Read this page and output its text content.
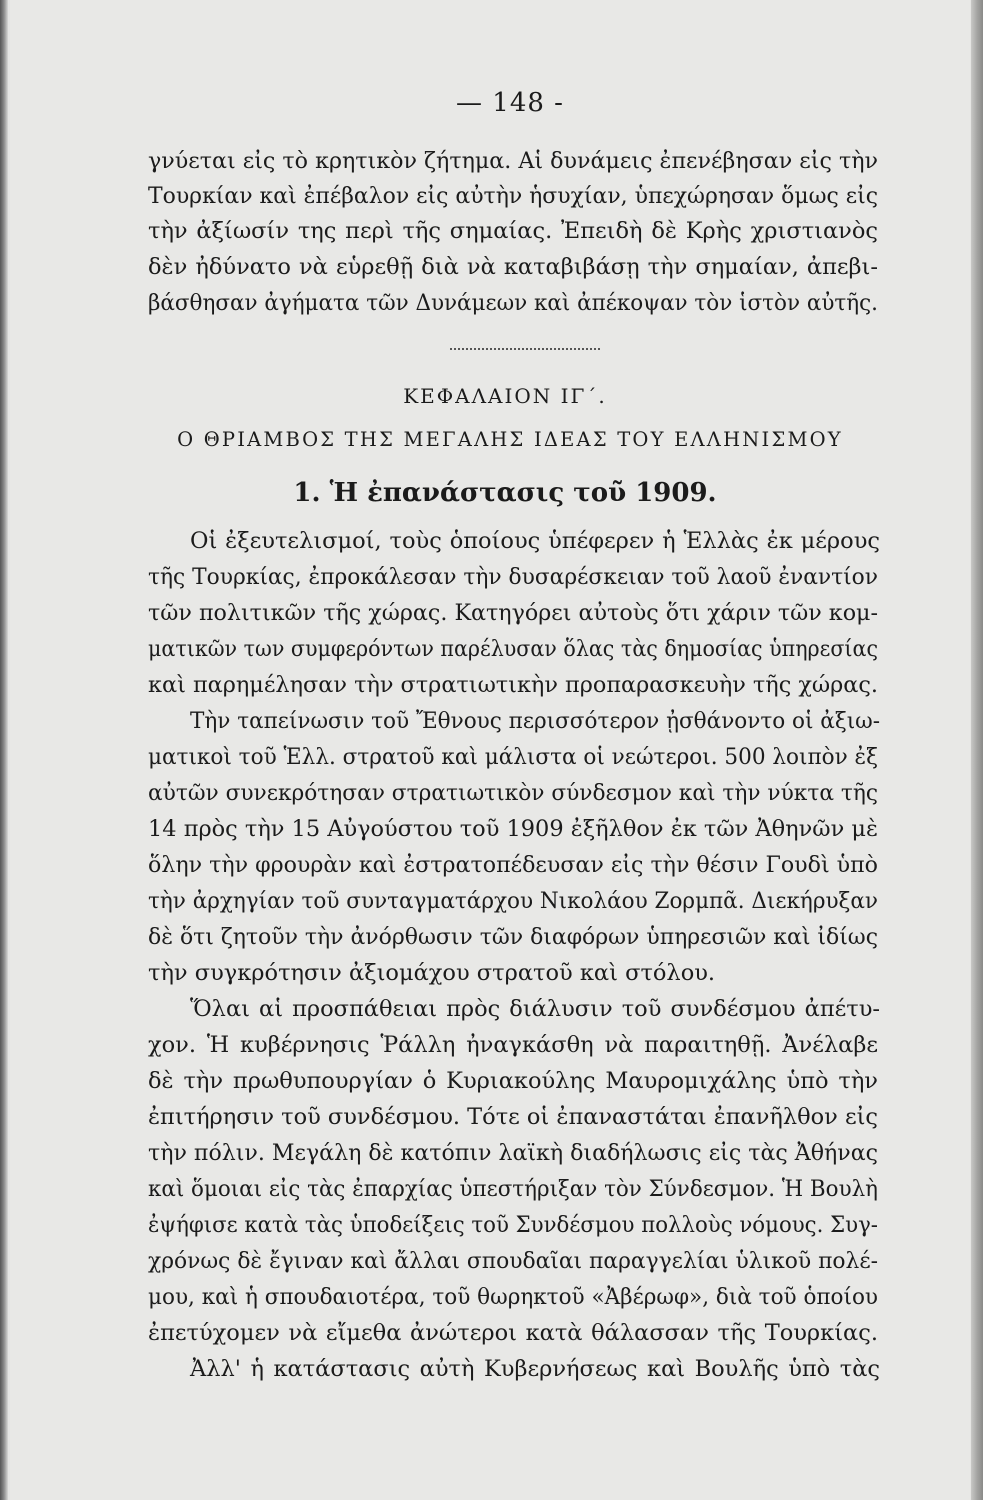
— 148 -
γνύεται εἰς τὸ κρητικὸν ζήτημα. Αἱ δυνάμεις ἐπενέβησαν εἰς τὴν
Τουρκίαν καὶ ἐπέβαλον εἰς αὐτὴν ἡσυχίαν, ὑπεχώρησαν ὅμως εἰς
τὴν ἀξίωσίν της περὶ τῆς σημαίας. Ἐπειδὴ δὲ Κρὴς χριστιανὸς
δὲν ἠδύνατο νὰ εὑρεθῇ διὰ νὰ καταβιβάσῃ τὴν σημαίαν, ἀπεβι-
βάσθησαν ἀγήματα τῶν Δυνάμεων καὶ ἀπέκοψαν τὸν ἱστὸν αὐτῆς.
ΚΕΦΑΛΑΙΟΝ ΙΓ΄.
Ο ΘΡΙΑΜΒΟΣ ΤΗΣ ΜΕΓΑΛΗΣ ΙΔΕΑΣ ΤΟΥ ΕΛΛΗΝΙΣΜΟΥ
1. Ἡ ἐπανάστασις τοῦ 1909.
Οἱ ἐξευτελισμοί, τοὺς ὁποίους ὑπέφερεν ἡ Ἑλλὰς ἐκ μέρους
τῆς Τουρκίας, ἐπροκάλεσαν τὴν δυσαρέσκειαν τοῦ λαοῦ ἐναντίον
τῶν πολιτικῶν τῆς χώρας. Κατηγόρει αὐτοὺς ὅτι χάριν τῶν κομ-
ματικῶν των συμφερόντων παρέλυσαν ὅλας τὰς δημοσίας ὑπηρεσίας
καὶ παρημέλησαν τὴν στρατιωτικὴν προπαρασκευὴν τῆς χώρας.
Τὴν ταπείνωσιν τοῦ Ἔθνους περισσότερον ᾐσθάνοντο οἱ ἀξιω-
ματικοὶ τοῦ Ἑλλ. στρατοῦ καὶ μάλιστα οἱ νεώτεροι. 500 λοιπὸν ἐξ
αὐτῶν συνεκρότησαν στρατιωτικὸν σύνδεσμον καὶ τὴν νύκτα τῆς
14 πρὸς τὴν 15 Αὐγούστου τοῦ 1909 ἐξῆλθον ἐκ τῶν Ἀθηνῶν μὲ
ὅλην τὴν φρουρὰν καὶ ἐστρατοπέδευσαν εἰς τὴν θέσιν Γουδὶ ὑπὸ
τὴν ἀρχηγίαν τοῦ συνταγματάρχου Νικολάου Ζορμπᾶ. Διεκήρυξαν
δὲ ὅτι ζητοῦν τὴν ἀνόρθωσιν τῶν διαφόρων ὑπηρεσιῶν καὶ ἰδίως
τὴν συγκρότησιν ἀξιομάχου στρατοῦ καὶ στόλου.
Ὅλαι αἱ προσπάθειαι πρὸς διάλυσιν τοῦ συνδέσμου ἀπέτυ-
χον. Ἡ κυβέρνησις Ῥάλλη ἠναγκάσθη νὰ παραιτηθῇ. Ἀνέλαβε
δὲ τὴν πρωθυπουργίαν ὁ Κυριακούλης Μαυρομιχάλης ὑπὸ τὴν
ἐπιτήρησιν τοῦ συνδέσμου. Τότε οἱ ἐπαναστάται ἐπανῆλθον εἰς
τὴν πόλιν. Μεγάλη δὲ κατόπιν λαϊκὴ διαδήλωσις εἰς τὰς Ἀθήνας
καὶ ὅμοιαι εἰς τὰς ἐπαρχίας ὑπεστήριξαν τὸν Σύνδεσμον. Ἡ Βουλὴ
ἐψήφισε κατὰ τὰς ὑποδείξεις τοῦ Συνδέσμου πολλοὺς νόμους. Συγ-
χρόνως δὲ ἔγιναν καὶ ἄλλαι σπουδαῖαι παραγγελίαι ὑλικοῦ πολέ-
μου, καὶ ἡ σπουδαιοτέρα, τοῦ θωρηκτοῦ «Ἀβέρωφ», διὰ τοῦ ὁποίου
ἐπετύχομεν νὰ εἴμεθα ἀνώτεροι κατὰ θάλασσαν τῆς Τουρκίας.
Ἀλλ' ἡ κατάστασις αὐτὴ Κυβερνήσεως καὶ Βουλῆς ὑπὸ τὰς
